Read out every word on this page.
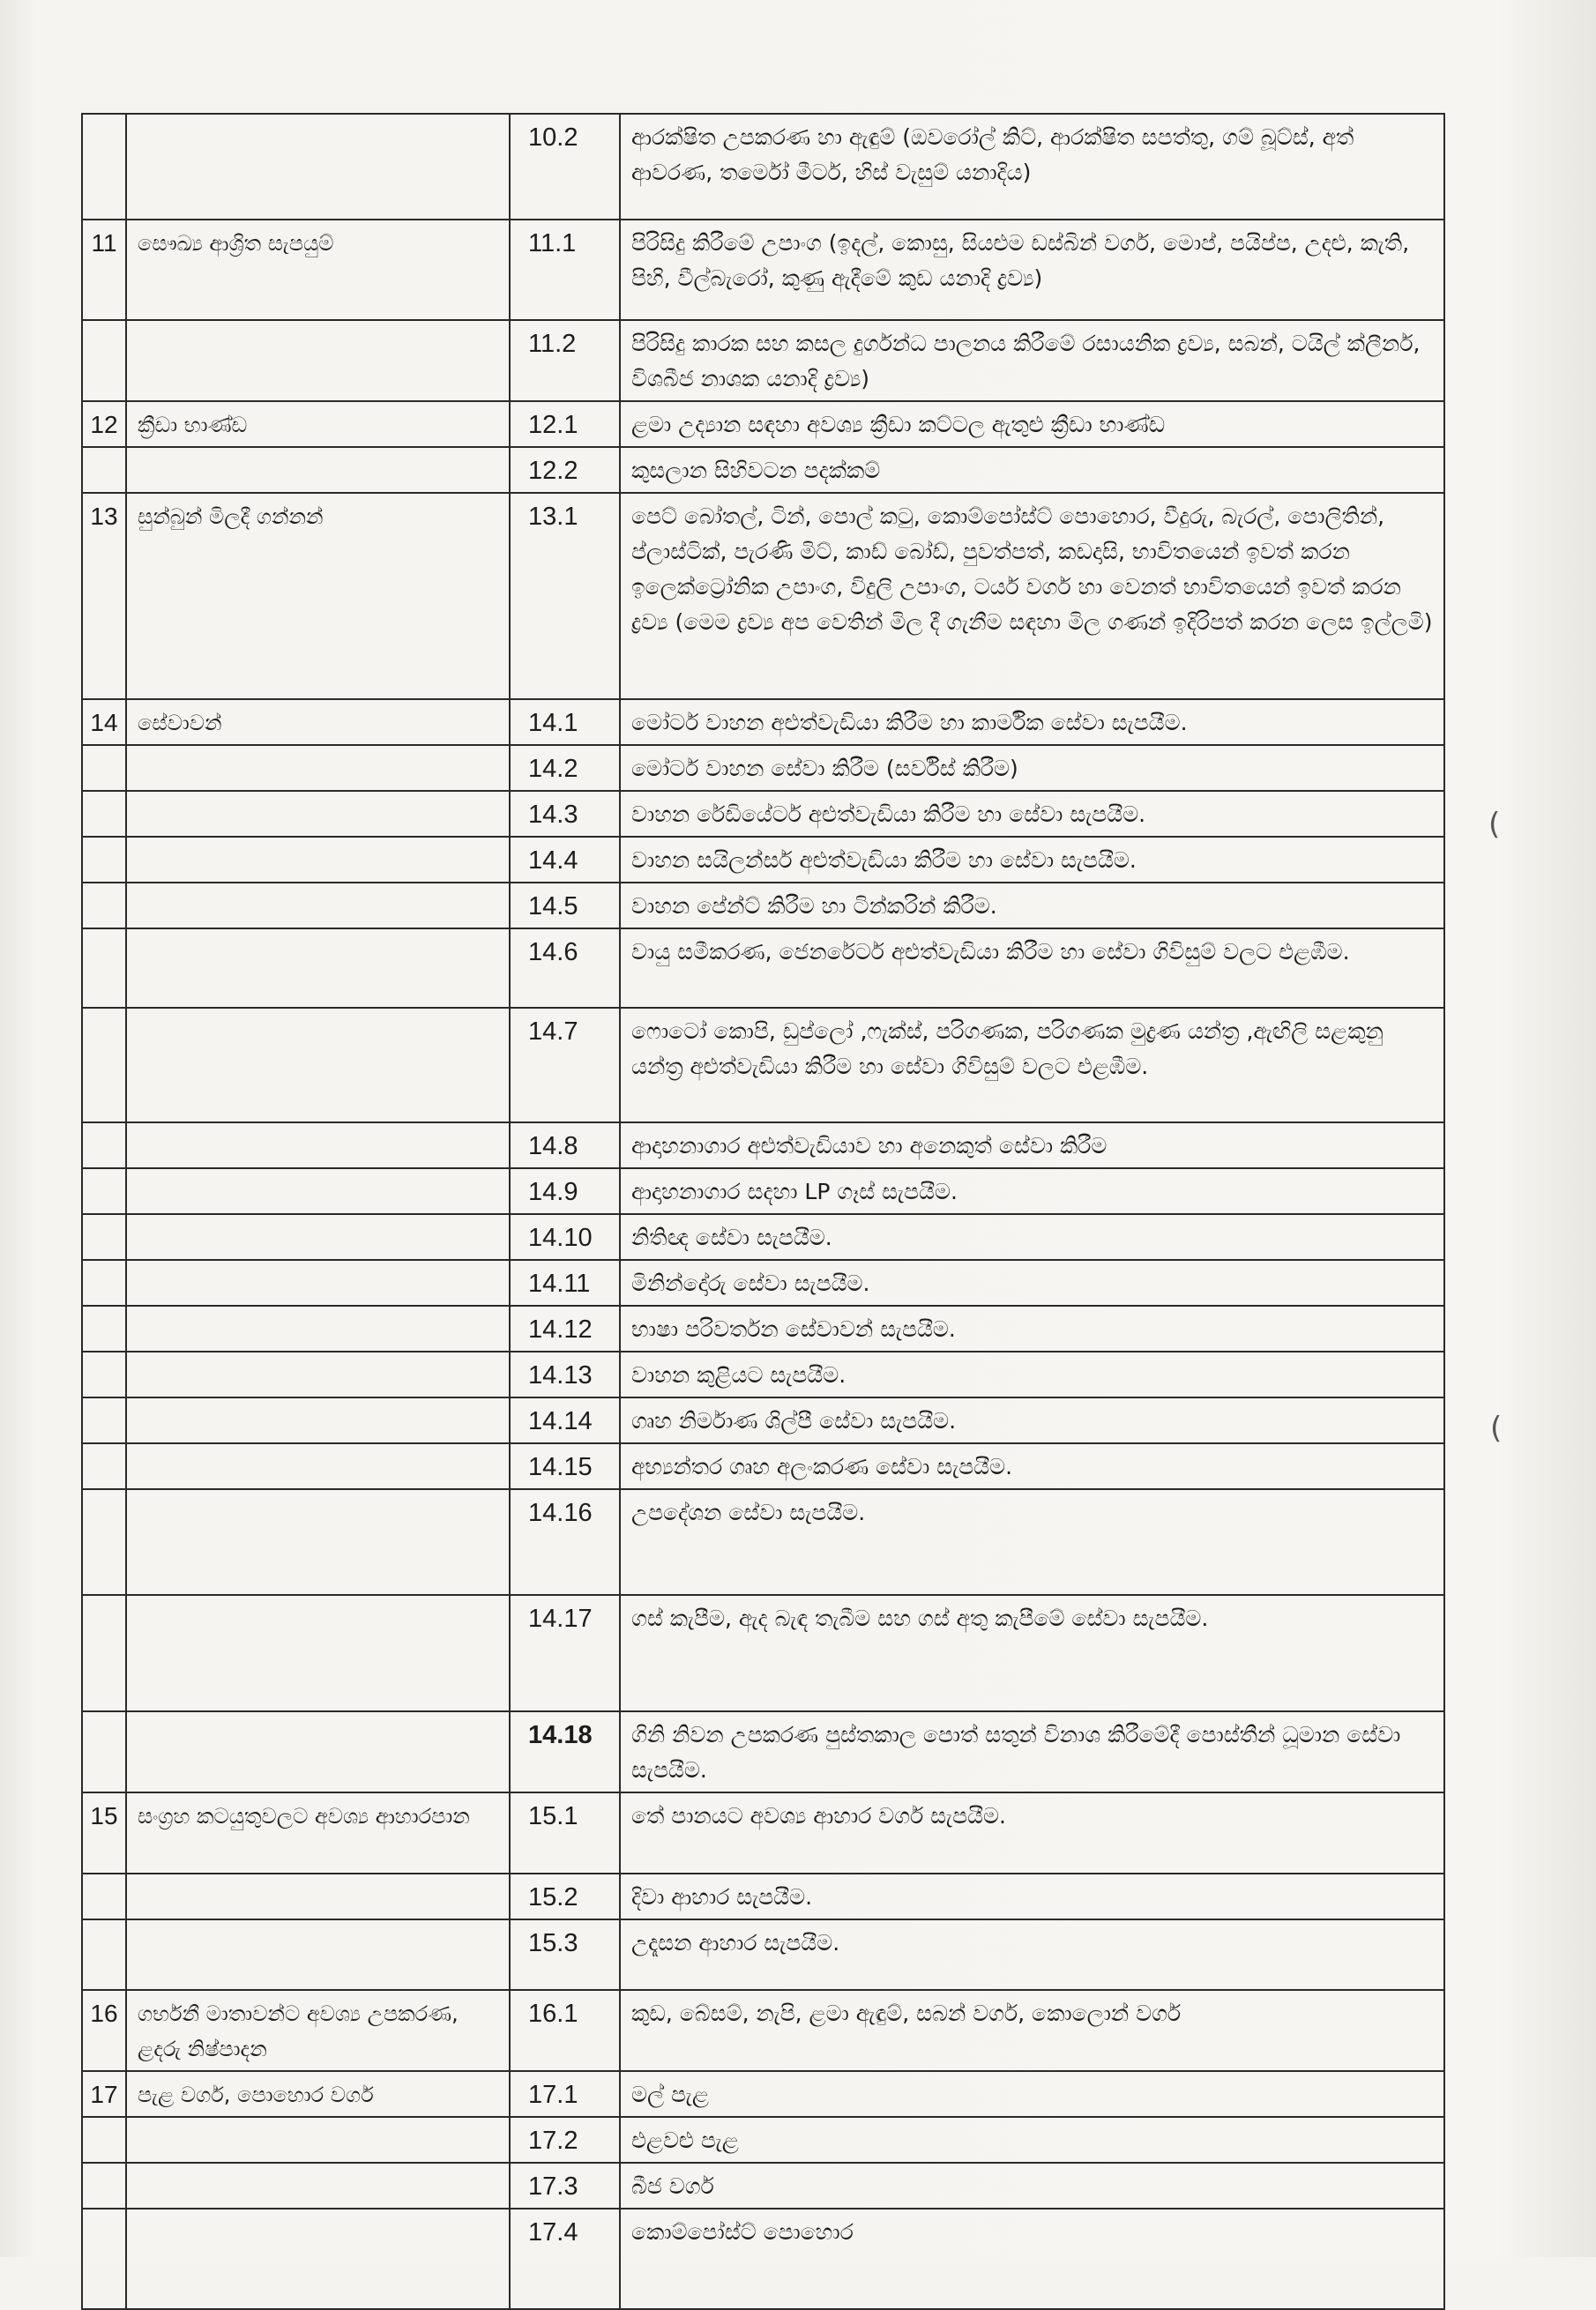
(
(
		10.2	ආරක්ෂිත උපකරණ හා ඇඳුම් (ඔවරෝල් කිට්, ආරක්ෂිත සපත්තු, ගම් බූට්ස්, අත් ආවරණ, තර්මෝ මීටර්, හිස් වැසුම් යනාදිය)
11	සෞඛ්‍ය ආශ්‍රිත සැපයුම්	11.1	පිරිසිදු කිරීමේ උපාංග (ඉදල්, කොසු, සියළුම ඩස්බින් වර්ග, මොප්, පයිප්ප, උදළු, කැති, පිහි, වීල්බැරෝ, කුණු ඇදීමේ කුඩ යනාදි ද්‍රව්‍ය)
		11.2	පිරිසිදු කාරක සහ කසල දුර්ගන්ධ පාලනය කිරීමේ රසායනික ද්‍රව්‍ය, සබන්, ටයිල් ක්ලීනර්, විශබීජ නාශක යනාදි ද්‍රව්‍ය)
12	ක්‍රීඩා භාණ්ඩ	12.1	ළමා උද්‍යාන සඳහා අවශ්‍ය ක්‍රීඩා කට්ටල ඇතුළු ක්‍රීඩා භාණ්ඩ
		12.2	කුසලාන සිහිවටන පදක්කම්
13	සුන්බුන් මිලදී ගන්නන්	13.1	පෙට් බෝතල්, ටින්, පොල් කටු, කොම්පෝස්ට් පොහොර, වීදුරු, බැරල්, පොලිතින්, ප්ලාස්ටික්, පැරණි මිට්, කාඩ් බෝඩ්, පුවත්පත්, කඩදාසි, භාවිතයෙන් ඉවත් කරන ඉලෙක්ට්‍රෝනික උපාංග, විදුලි උපාංග, ටයර් වර්ග හා වෙනත් භාවිතයෙන් ඉවත් කරන ද්‍රව්‍ය (මෙම ද්‍රව්‍ය අප වෙතින් මිල දී ගැනීම සඳහා මිල ගණන් ඉදිරිපත් කරන ලෙස ඉල්ලමි)
14	සේවාවන්	14.1	මෝටර් වාහන අළුත්වැඩියා කිරීම හා කාර්මික සේවා සැපයීම.
		14.2	මෝටර් වාහන සේවා කිරීම (සර්විස් කිරීම)
		14.3	වාහන රේඩියේටර් අළුත්වැඩියා කිරීම හා සේවා සැපයීම.
		14.4	වාහන සයිලන්සර් අළුත්වැඩියා කිරීම හා සේවා සැපයීම.
		14.5	වාහන පේන්ට් කිරීම හා ටින්කරින් කිරීම.
		14.6	වායු සමීකරණ, ජෙනරේටර් අළුත්වැඩියා කිරීම හා සේවා ගිවිසුම් වලට එළඹීම.
		14.7	ෆොටෝ කොපි, ඩුප්ලෝ ,ෆැක්ස්, පරිගණක, පරිගණක මුද්‍රණ යන්ත්‍ර ,ඇඟිලි සළකුනු යන්ත්‍ර අළුත්වැඩියා කිරීම හා සේවා ගිවිසුම් වලට එළඹීම.
		14.8	ආදාහනාගාර අළුත්වැඩියාව හා අනෙකුත් සේවා කිරීම
		14.9	ආදාහනාගාර සදහා LP ගෑස් සැපයීම.
		14.10	නිතිඥ සේවා සැපයීම.
		14.11	මිනින්දෝරු සේවා සැපයීම.
		14.12	භාෂා පරිවර්තන සේවාවන් සැපයීම.
		14.13	වාහන කුළියට සැපයීම.
		14.14	ගෘහ නිර්මාණ ශිල්පී සේවා සැපයීම.
		14.15	අභ්‍යන්තර ගෘහ අලංකරණ සේවා සැපයීම.
		14.16	උපදේශන සේවා සැපයීම.
		14.17	ගස් කැපීම, ඇද බැඳ තැබීම සහ ගස් අතු කැපීමේ සේවා සැපයීම.
		14.18	ගිනි නිවන උපකරණ පුස්තකාල පොත් සතුන් විනාශ කිරීමේදී පොස්තීන් ධූමාන සේවා සැපයීම.
15	සංග්‍රහ කටයුතුවලට අවශ්‍ය ආහාරපාන	15.1	තේ පානයට අවශ්‍ය ආහාර වර්ග සැපයීම.
		15.2	දිවා ආහාර සැපයීම.
		15.3	උදෑසන ආහාර සැපයීම.
16	ගර්භනී මාතාවන්ට අවශ්‍ය උපකරණ, ළදරු නිෂ්පාදන	16.1	කුඩ, බේසම්, නැපි, ළමා ඇඳුම්, සබන් වර්ග, කොලොන් වර්ග
17	පැළ වර්ග, පොහොර වර්ග	17.1	මල් පැළ
		17.2	එළවළු පැළ
		17.3	බීජ වර්ග
		17.4	කොම්පෝස්ට් පොහොර
